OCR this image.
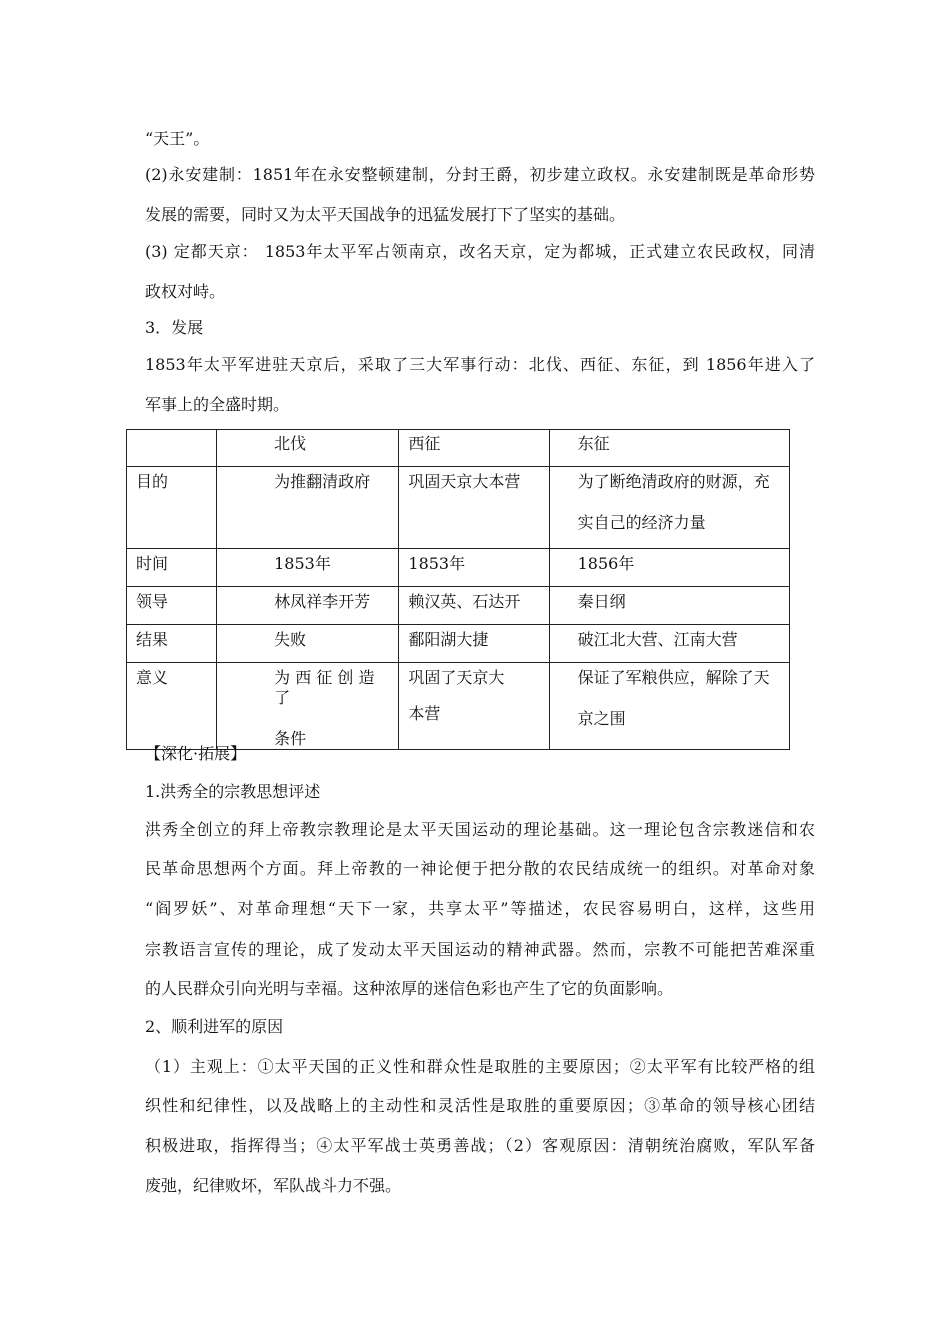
“天王”。
(2)永安建制：1851年在永安整顿建制，分封王爵，初步建立政权。永安建制既是革命形势
发展的需要，同时又为太平天国战争的迅猛发展打下了坚实的基础。
(3) 定都天京： 1853年太平军占领南京，改名天京，定为都城，正式建立农民政权，同清
政权对峙。
3．发展
1853年太平军进驻天京后，采取了三大军事行动：北伐、西征、东征，到 1856年进入了
军事上的全盛时期。

	北伐	西征	东征

目的	为推翻清政府	巩固天京大本营	为了断绝清政府的财源，充
实自己的经济力量

时间	1853年	1853年	1856年

领导	林凤祥李开芳	赖汉英、石达开	秦日纲

结果	失败	鄱阳湖大捷	破江北大营、江南大营

意义	为 西 征 创 造 了
条件	巩固了天京大
本营	保证了军粮供应，解除了天
京之围
【深化·拓展】
1.洪秀全的宗教思想评述
洪秀全创立的拜上帝教宗教理论是太平天国运动的理论基础。这一理论包含宗教迷信和农
民革命思想两个方面。拜上帝教的一神论便于把分散的农民结成统一的组织。对革命对象
“阎罗妖”、对革命理想“天下一家，共享太平”等描述，农民容易明白，这样，这些用
宗教语言宣传的理论，成了发动太平天国运动的精神武器。然而，宗教不可能把苦难深重
的人民群众引向光明与幸福。这种浓厚的迷信色彩也产生了它的负面影响。
2、顺利进军的原因
（1）主观上：①太平天国的正义性和群众性是取胜的主要原因；②太平军有比较严格的组
织性和纪律性，以及战略上的主动性和灵活性是取胜的重要原因；③革命的领导核心团结
积极进取，指挥得当；④太平军战士英勇善战；（2）客观原因：清朝统治腐败，军队军备
废弛，纪律败坏，军队战斗力不强。
